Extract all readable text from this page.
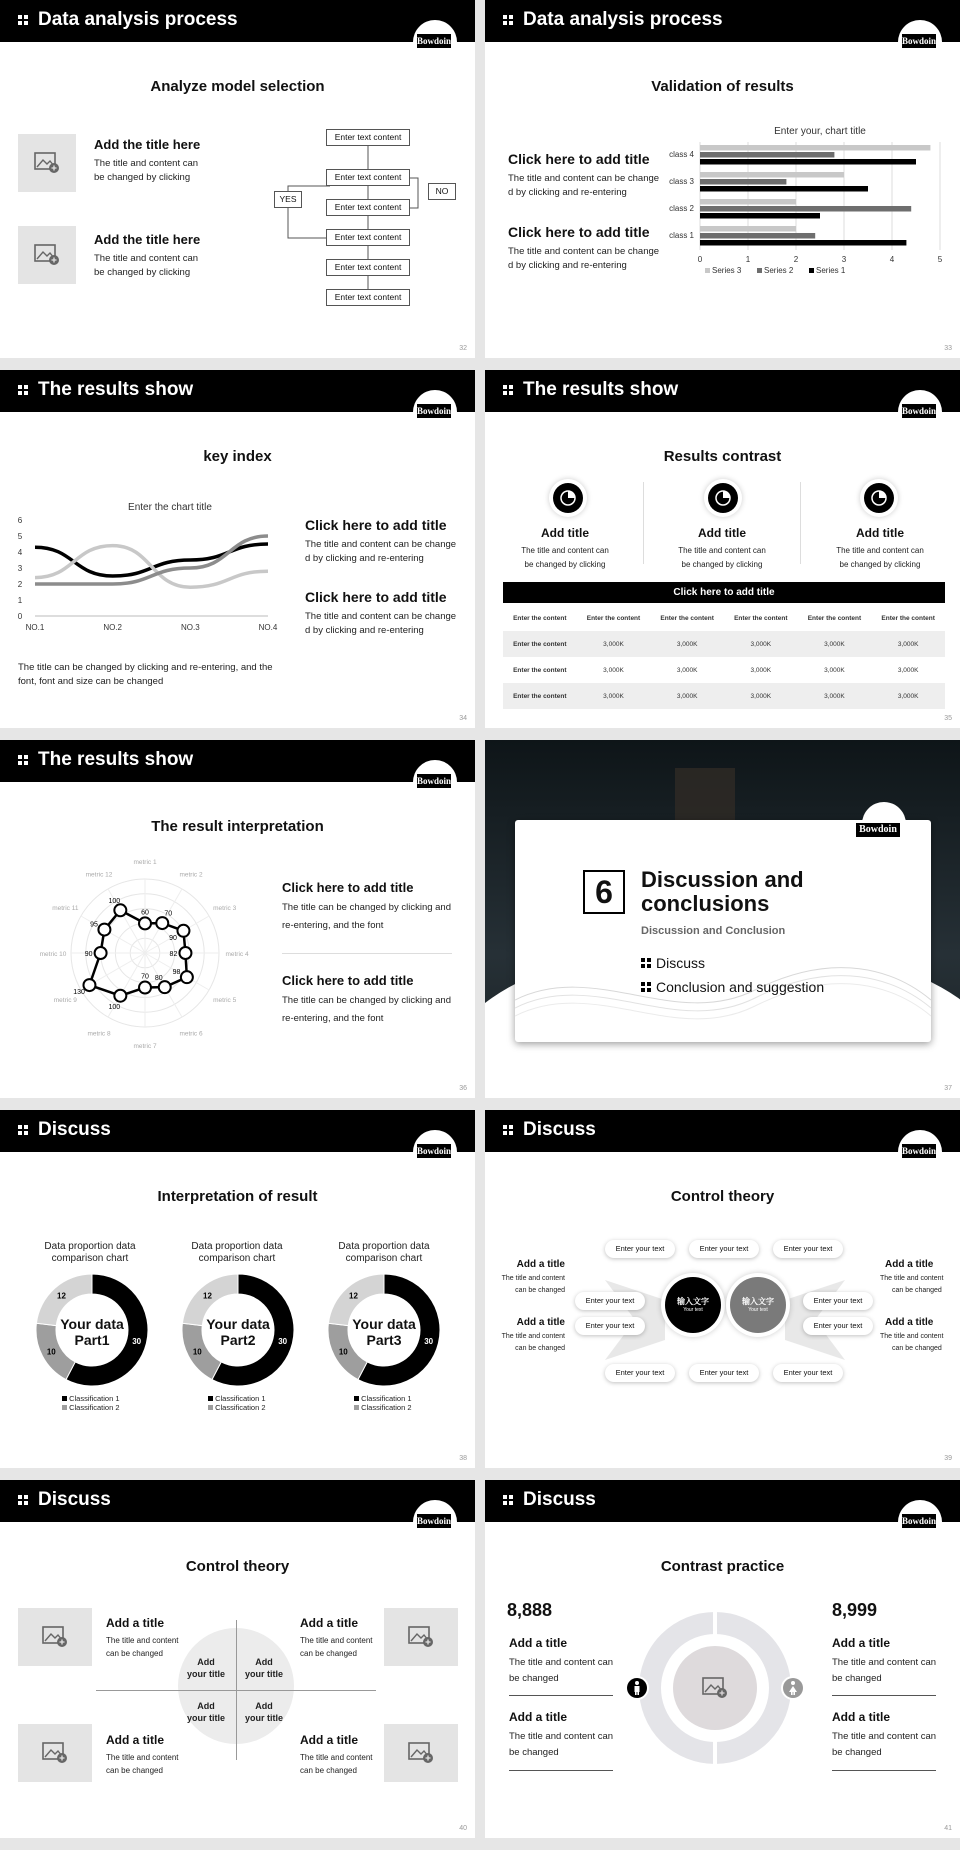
Data analysis process
Bowdoin
Analyze model selection
Add the title here
The title and content can
be changed by clicking
Add the title here
The title and content can
be changed by clicking
Enter text content
Enter text content
Enter text content
Enter text content
Enter text content
Enter text content
YES
NO
32
Data analysis process
Bowdoin
Validation of results
Click here to add title
The title and content can be change
d by clicking and re-entering
Click here to add title
The title and content can be change
d by clicking and re-entering
Enter your, chart title
0	1	2	3	4	5
class 1
class 2
class 3
class 4
Series 3	Series 2	Series 1
33
The results show
Bowdoin
key index
Enter the chart title
0
1
2
3
4
5
6
NO.1	NO.2	NO.3	NO.4
Click here to add title
The title and content can be change
d by clicking and re-entering
Click here to add title
The title and content can be change
d by clicking and re-entering
The title can be changed by clicking and re-entering, and the
font, font and size can be changed
34
The results show
Bowdoin
Results contrast
Add title
The title and content can
be changed by clicking
Add title
The title and content can
be changed by clicking
Add title
The title and content can
be changed by clicking
Click here to add title
Enter the content	Enter the content	Enter the content	Enter the content	Enter the content	Enter the content
Enter the content	3,000K	3,000K	3,000K	3,000K	3,000K
Enter the content	3,000K	3,000K	3,000K	3,000K	3,000K
Enter the content	3,000K	3,000K	3,000K	3,000K	3,000K
35
The results show
Bowdoin
The result interpretation
metric 1
metric 2
metric 3
metric 4
metric 5
metric 6
metric 7
metric 8
metric 9
metric 10
metric 11
metric 12
60 70
90
82
98
80
70
100
130
90
95
100
Click here to add title
The title can be changed by clicking and
re-entering, and the font
Click here to add title
The title can be changed by clicking and
re-entering, and the font
36
Bowdoin
6	Discussion and
conclusions
Discussion and Conclusion
Discuss
Conclusion and suggestion
37
Discuss
Bowdoin
Interpretation of result
Data proportion data
comparison chart
30
10
12
Your data
Part1
Data proportion data
comparison chart
30
10
12
Your data
Part2
Data proportion data
comparison chart
30
10
12
Your data
Part3
Classification 1
Classification 2
Classification 1
Classification 2
Classification 1
Classification 2
38
Discuss
Bowdoin
Control theory
输入文字
Your text
输入文字
Your text
Enter your text	Enter your text	Enter your text
Enter your text
Enter your text
Enter your text
Enter your text
Enter your text	Enter your text	Enter your text
Add a title
The title and content
can be changed
Add a title
The title and content
can be changed
Add a title
The title and content
can be changed
Add a title
The title and content
can be changed
39
Discuss
Bowdoin
Control theory
Add
your title
Add
your title
Add
your title
Add
your title
Add a title
The title and content
can be changed
Add a title
The title and content
can be changed
Add a title
The title and content
can be changed
Add a title
The title and content
can be changed
40
Discuss
Bowdoin
Contrast practice
8,888	8,999
Add a title
The title and content can
be changed
Add a title
The title and content can
be changed
Add a title
The title and content can
be changed
Add a title
The title and content can
be changed
41
